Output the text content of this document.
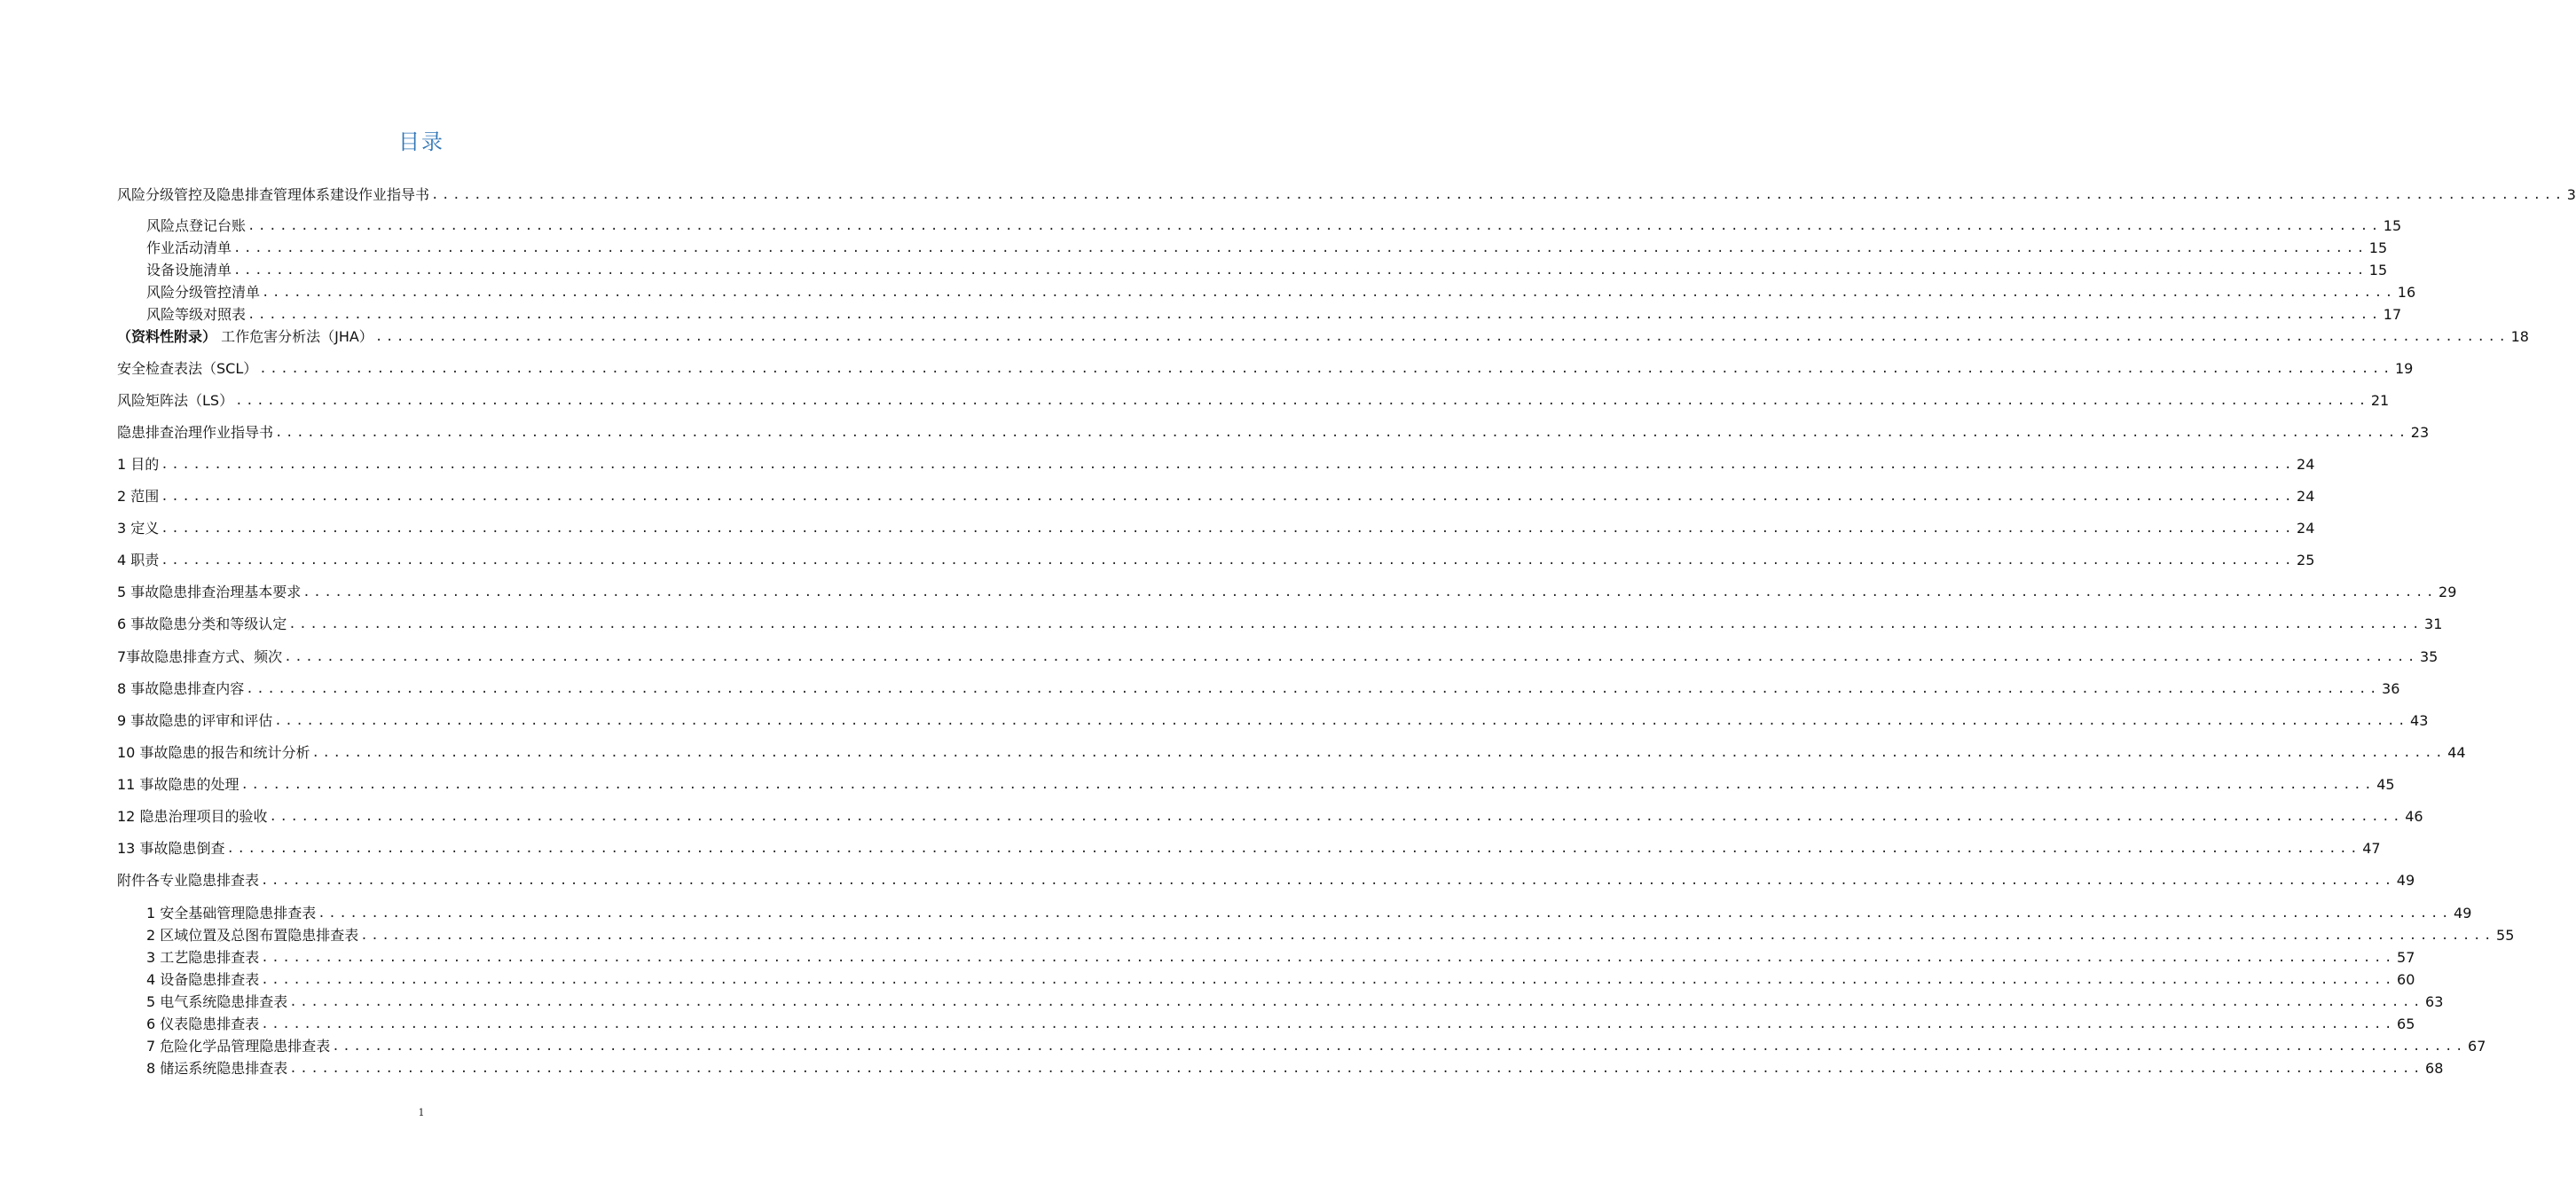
目录
风险分级管控及隐患排查管理体系建设作业指导书 ........................................................................................................................................................................................................ 3
风险点登记台账 ........................................................................................................................................................................................................ 15
作业活动清单 ........................................................................................................................................................................................................ 15
设备设施清单 ........................................................................................................................................................................................................ 15
风险分级管控清单 ........................................................................................................................................................................................................ 16
风险等级对照表 ........................................................................................................................................................................................................ 17
（资料性附录） 工作危害分析法（JHA） ........................................................................................................................................................................................................ 18
安全检查表法（SCL） ........................................................................................................................................................................................................ 19
风险矩阵法（LS） ........................................................................................................................................................................................................ 21
隐患排查治理作业指导书 ........................................................................................................................................................................................................ 23
1 目的 ........................................................................................................................................................................................................ 24
2 范围 ........................................................................................................................................................................................................ 24
3 定义 ........................................................................................................................................................................................................ 24
4 职责 ........................................................................................................................................................................................................ 25
5 事故隐患排查治理基本要求 ........................................................................................................................................................................................................ 29
6 事故隐患分类和等级认定 ........................................................................................................................................................................................................ 31
7事故隐患排查方式、频次 ........................................................................................................................................................................................................ 35
8 事故隐患排查内容 ........................................................................................................................................................................................................ 36
9 事故隐患的评审和评估 ........................................................................................................................................................................................................ 43
10 事故隐患的报告和统计分析 ........................................................................................................................................................................................................ 44
11 事故隐患的处理 ........................................................................................................................................................................................................ 45
12 隐患治理项目的验收 ........................................................................................................................................................................................................ 46
13 事故隐患倒查 ........................................................................................................................................................................................................ 47
附件各专业隐患排查表 ........................................................................................................................................................................................................ 49
1 安全基础管理隐患排查表 ........................................................................................................................................................................................................ 49
2 区域位置及总图布置隐患排查表 ........................................................................................................................................................................................................ 55
3 工艺隐患排查表 ........................................................................................................................................................................................................ 57
4 设备隐患排查表 ........................................................................................................................................................................................................ 60
5 电气系统隐患排查表 ........................................................................................................................................................................................................ 63
6 仪表隐患排查表 ........................................................................................................................................................................................................ 65
7 危险化学品管理隐患排查表 ........................................................................................................................................................................................................ 67
8 储运系统隐患排查表 ........................................................................................................................................................................................................ 68
1
